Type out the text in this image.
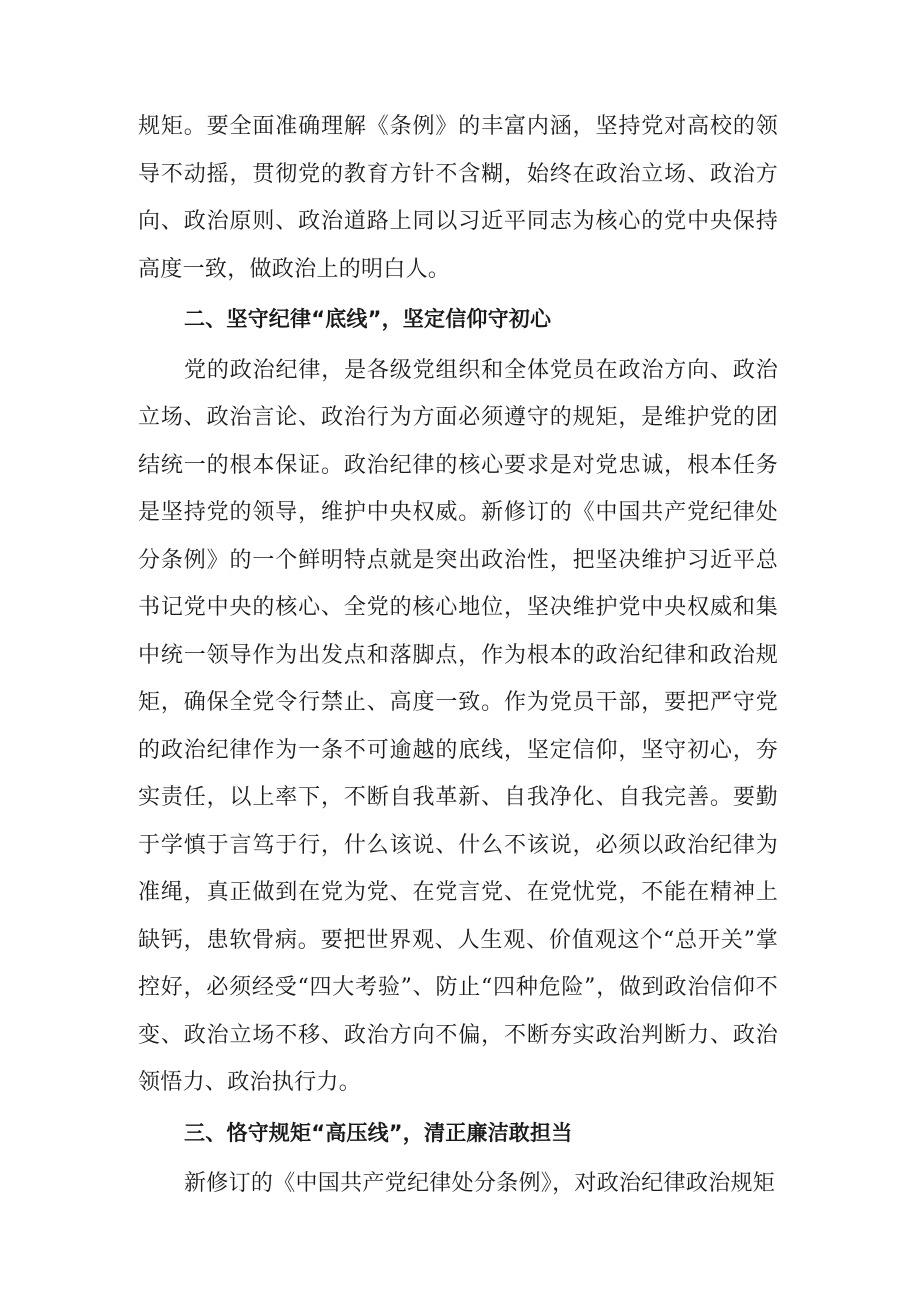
规矩。要全面准确理解《条例》的丰富内涵，坚持党对高校的领导不动摇，贯彻党的教育方针不含糊，始终在政治立场、政治方向、政治原则、政治道路上同以习近平同志为核心的党中央保持高度一致，做政治上的明白人。

二、坚守纪律“底线”，坚定信仰守初心

党的政治纪律，是各级党组织和全体党员在政治方向、政治立场、政治言论、政治行为方面必须遵守的规矩，是维护党的团结统一的根本保证。政治纪律的核心要求是对党忠诚，根本任务是坚持党的领导，维护中央权威。新修订的《中国共产党纪律处分条例》的一个鲜明特点就是突出政治性，把坚决维护习近平总书记党中央的核心、全党的核心地位，坚决维护党中央权威和集中统一领导作为出发点和落脚点，作为根本的政治纪律和政治规矩，确保全党令行禁止、高度一致。作为党员干部，要把严守党的政治纪律作为一条不可逾越的底线，坚定信仰，坚守初心，夯实责任，以上率下，不断自我革新、自我净化、自我完善。要勤于学慎于言笃于行，什么该说、什么不该说，必须以政治纪律为准绳，真正做到在党为党、在党言党、在党忧党，不能在精神上缺钙，患软骨病。要把世界观、人生观、价值观这个“总开关”掌控好，必须经受“四大考验”、防止“四种危险”，做到政治信仰不变、政治立场不移、政治方向不偏，不断夯实政治判断力、政治领悟力、政治执行力。

三、恪守规矩“高压线”，清正廉洁敢担当

新修订的《中国共产党纪律处分条例》，对政治纪律政治规矩
